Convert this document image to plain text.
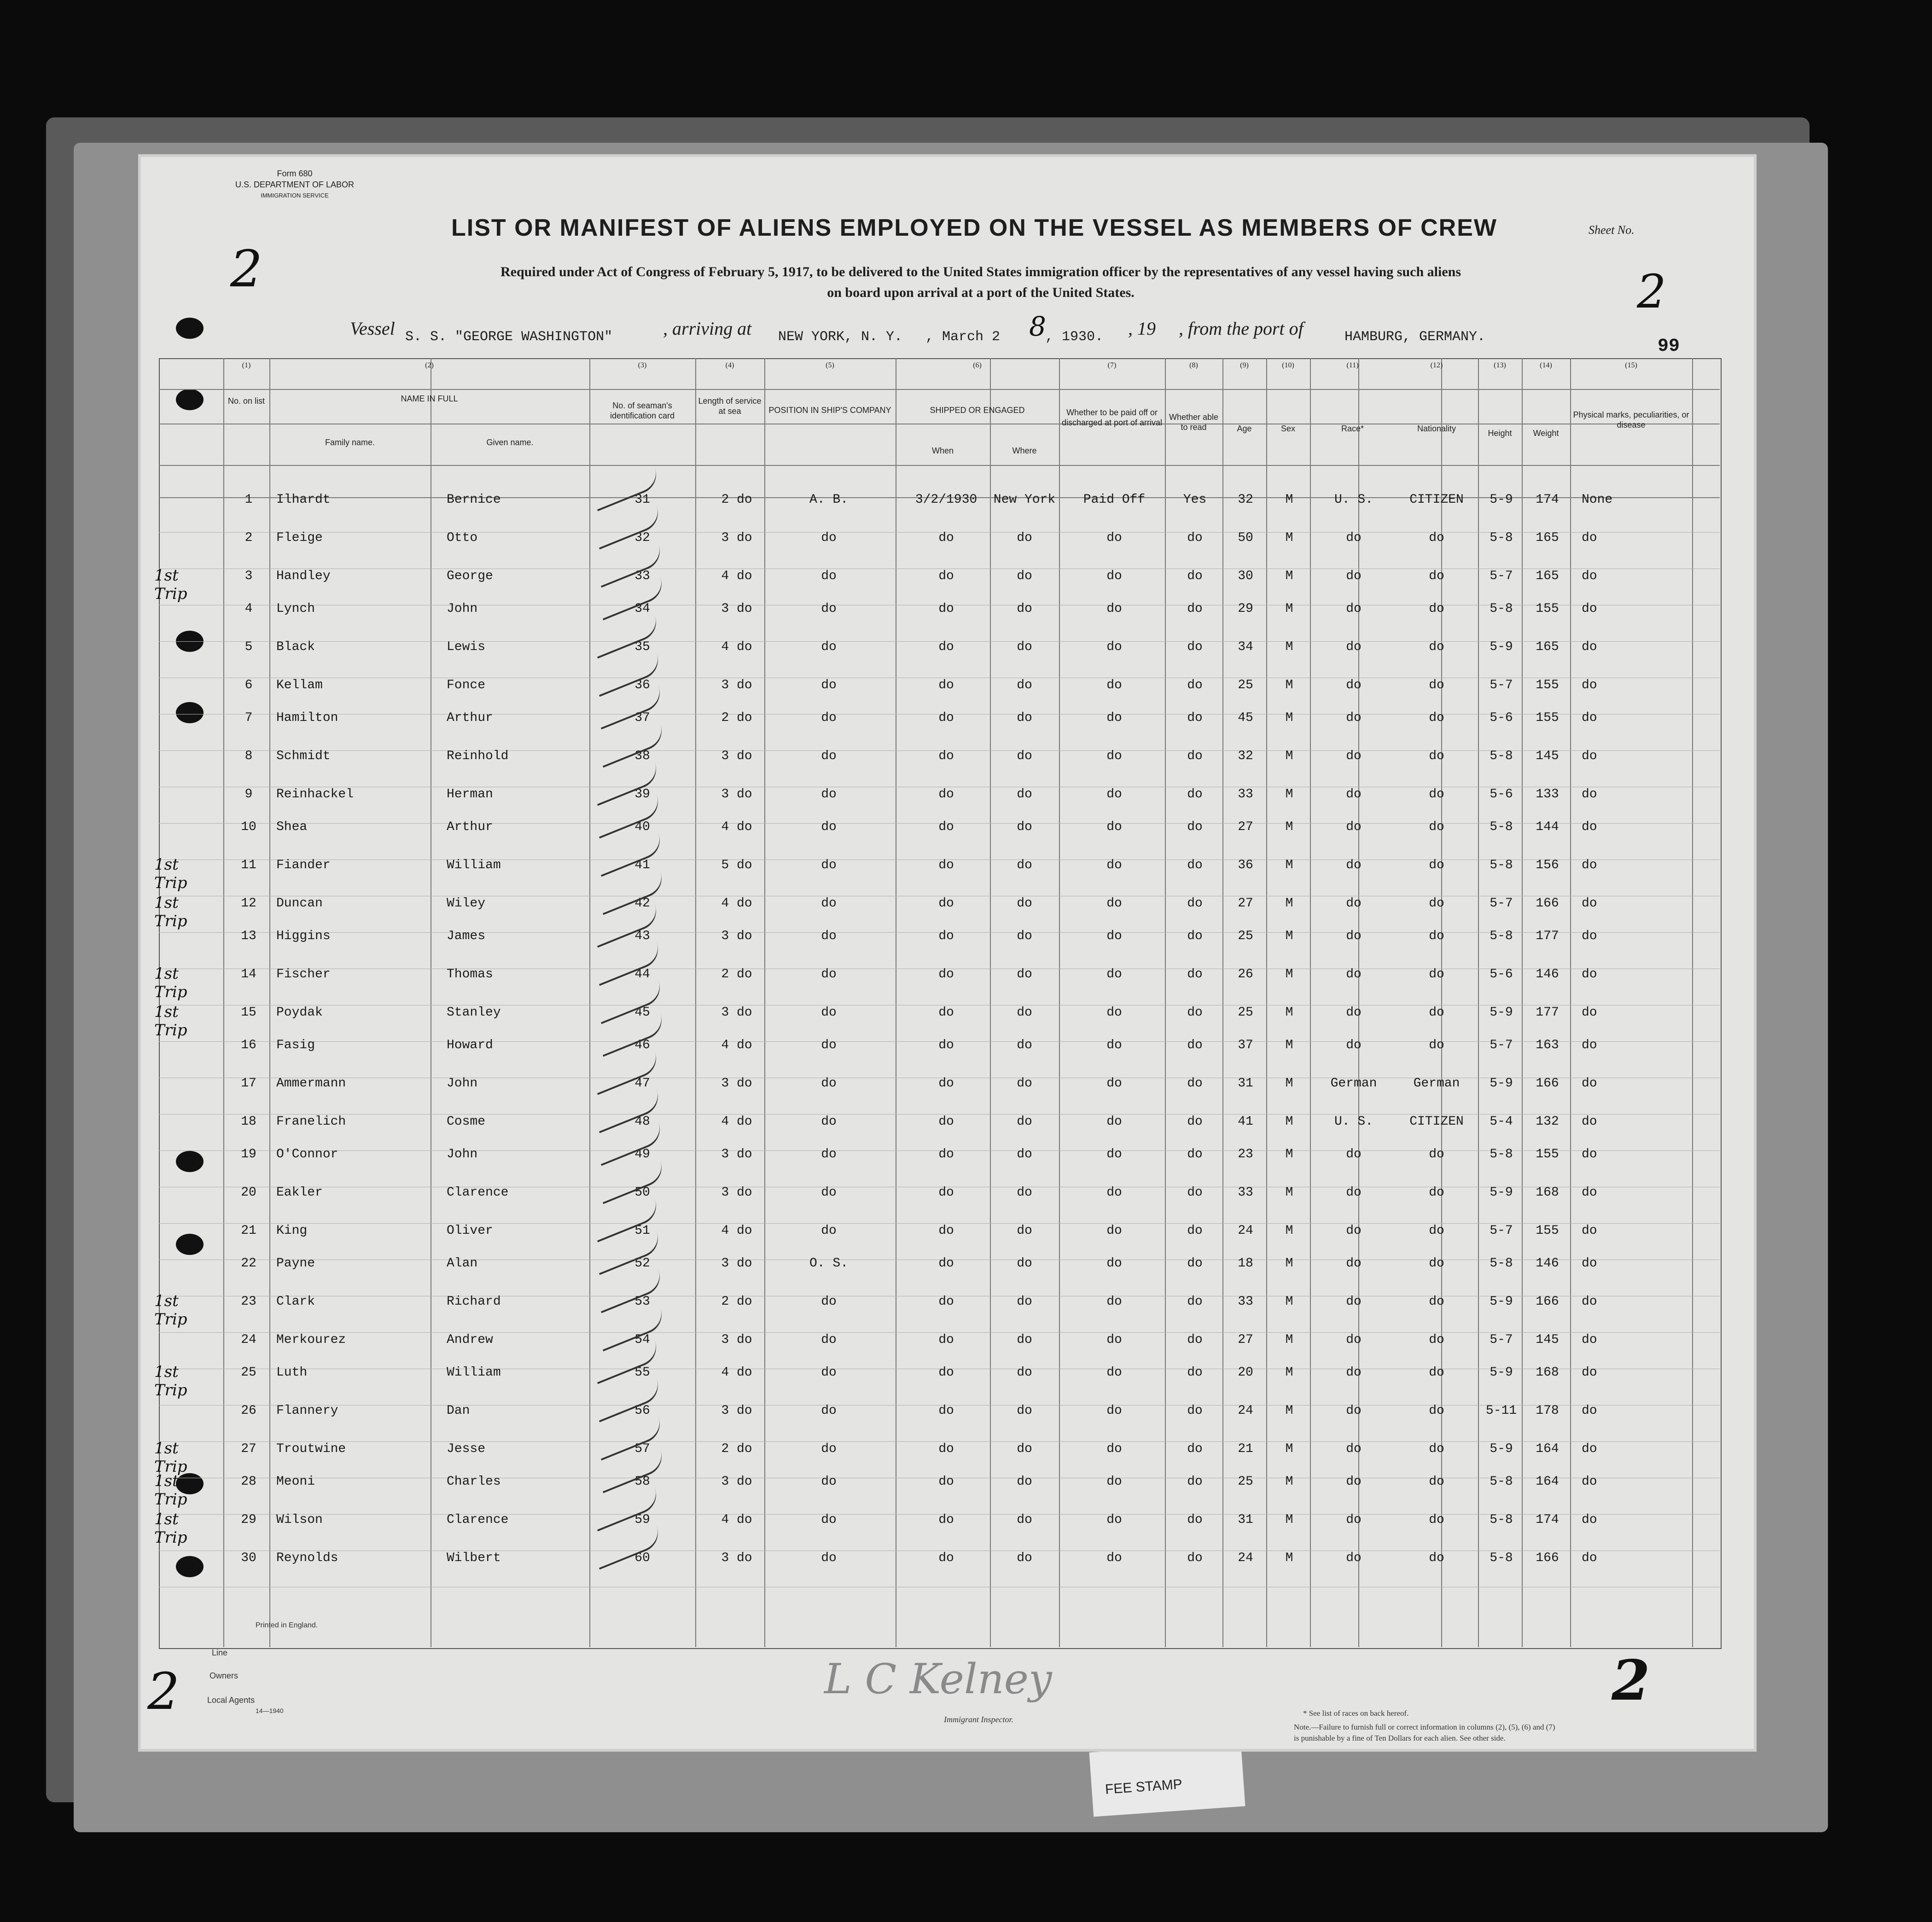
FEE STAMP
Form 680
U.S. DEPARTMENT OF LABOR
IMMIGRATION SERVICE
2
LIST OR MANIFEST OF ALIENS EMPLOYED ON THE VESSEL AS MEMBERS OF CREW	Sheet No.
2
Required under Act of Congress of February 5, 1917, to be delivered to the United States immigration officer by the representatives of any vessel having such aliens
on board upon arrival at a port of the United States.
99
Vessel S. S. "GEORGE WASHINGTON"	, arriving at NEW YORK, N. Y. , March 2 8
, 1930. , 19 , from the port of	HAMBURG, GERMANY.
(1)
No. on list
(2)
NAME IN FULL
Family name.	Given name.
(3)
No. of seaman's identification card
(4)
Length of service at sea
(5)
POSITION IN SHIP'S COMPANY
(6)
SHIPPED OR ENGAGED
When	Where
(7)
Whether to be paid off or discharged at port of arrival
(8)
Whether able to read
(9)
Age
(10)
Sex
(11)
Race*
(12)
Nationality
(13)
Height
(14)
Weight
(15)
Physical marks, peculiarities, or disease
1	Ilhardt	Bernice	31	2 do	A. B.	3/2/1930	New York	Paid Off	Yes	32	M	U. S.	CITIZEN	5-9	174	None
2	Fleige	Otto	32	3 do	do	do	do	do	do	50	M	do	do	5-8	165	do
3	Handley	George	33	4 do	do	do	do	do	do	30	M	do	do	5-7	165	do
1st Trip
4	Lynch	John	34	3 do	do	do	do	do	do	29	M	do	do	5-8	155	do
5	Black	Lewis	35	4 do	do	do	do	do	do	34	M	do	do	5-9	165	do
6	Kellam	Fonce	36	3 do	do	do	do	do	do	25	M	do	do	5-7	155	do
7	Hamilton	Arthur	37	2 do	do	do	do	do	do	45	M	do	do	5-6	155	do
8	Schmidt	Reinhold	38	3 do	do	do	do	do	do	32	M	do	do	5-8	145	do
9	Reinhackel	Herman	39	3 do	do	do	do	do	do	33	M	do	do	5-6	133	do
10	Shea	Arthur	40	4 do	do	do	do	do	do	27	M	do	do	5-8	144	do
11	Fiander	William	41	5 do	do	do	do	do	do	36	M	do	do	5-8	156	do
1st Trip
12	Duncan	Wiley	42	4 do	do	do	do	do	do	27	M	do	do	5-7	166	do
1st Trip
13	Higgins	James	43	3 do	do	do	do	do	do	25	M	do	do	5-8	177	do
14	Fischer	Thomas	44	2 do	do	do	do	do	do	26	M	do	do	5-6	146	do
1st Trip
15	Poydak	Stanley	45	3 do	do	do	do	do	do	25	M	do	do	5-9	177	do
1st Trip
16	Fasig	Howard	46	4 do	do	do	do	do	do	37	M	do	do	5-7	163	do
17	Ammermann	John	47	3 do	do	do	do	do	do	31	M	German	German	5-9	166	do
18	Franelich	Cosme	48	4 do	do	do	do	do	do	41	M	U. S.	CITIZEN	5-4	132	do
19	O'Connor	John	49	3 do	do	do	do	do	do	23	M	do	do	5-8	155	do
20	Eakler	Clarence	50	3 do	do	do	do	do	do	33	M	do	do	5-9	168	do
21	King	Oliver	51	4 do	do	do	do	do	do	24	M	do	do	5-7	155	do
22	Payne	Alan	52	3 do	O. S.	do	do	do	do	18	M	do	do	5-8	146	do
23	Clark	Richard	53	2 do	do	do	do	do	do	33	M	do	do	5-9	166	do
1st Trip
24	Merkourez	Andrew	54	3 do	do	do	do	do	do	27	M	do	do	5-7	145	do
25	Luth	William	55	4 do	do	do	do	do	do	20	M	do	do	5-9	168	do
1st Trip
26	Flannery	Dan	56	3 do	do	do	do	do	do	24	M	do	do	5-11	178	do
27	Troutwine	Jesse	57	2 do	do	do	do	do	do	21	M	do	do	5-9	164	do
1st Trip
28	Meoni	Charles	58	3 do	do	do	do	do	do	25	M	do	do	5-8	164	do
1st Trip
29	Wilson	Clarence	59	4 do	do	do	do	do	do	31	M	do	do	5-8	174	do
1st Trip
30	Reynolds	Wilbert	60	3 do	do	do	do	do	do	24	M	do	do	5-8	166	do
Printed in England.
Line
Owners
Local Agents
14—1940
2	2
L C Kelney
Immigrant Inspector.
* See list of races on back hereof.
Note.—Failure to furnish full or correct information in columns (2), (5), (6) and (7)
is punishable by a fine of Ten Dollars for each alien. See other side.
